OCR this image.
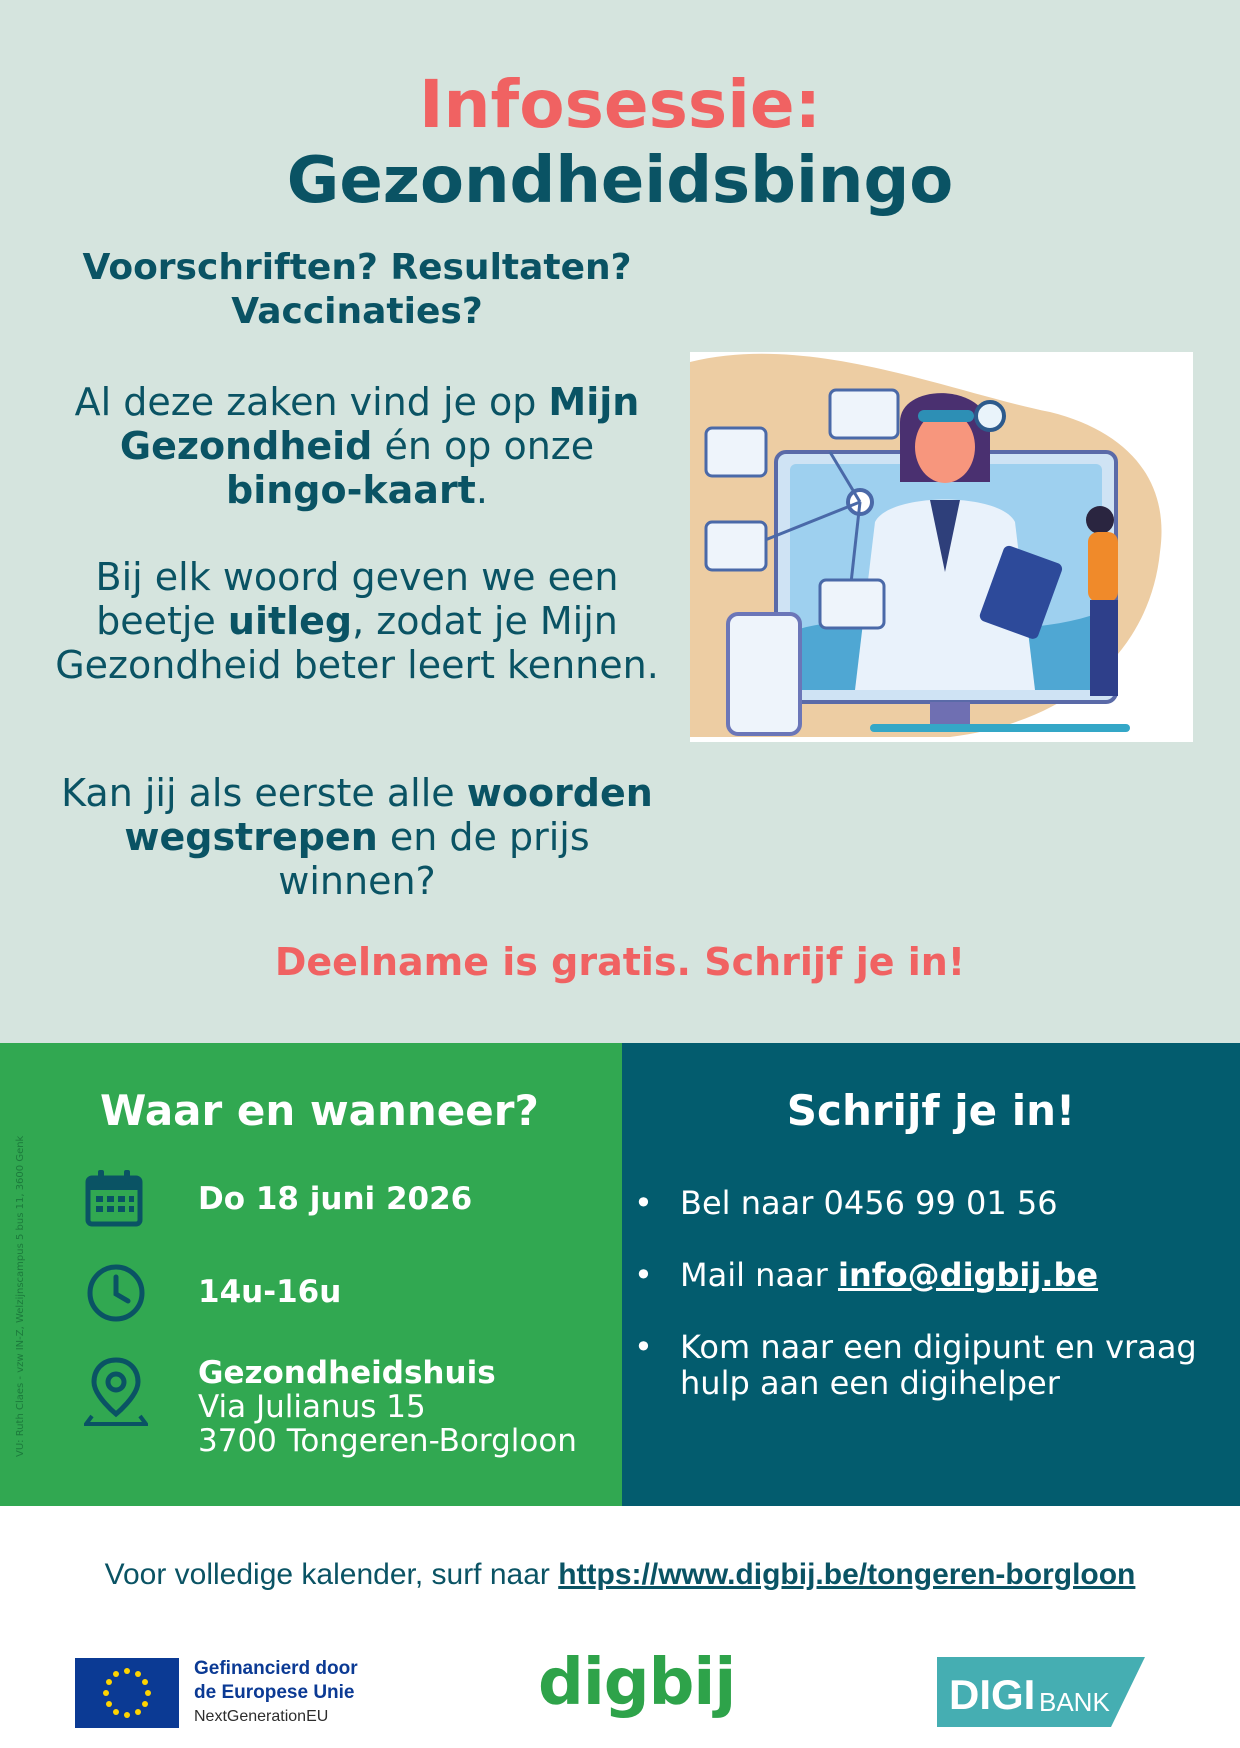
Infosessie:
Gezondheidsbingo
Voorschriften? Resultaten?
Vaccinaties?
Al deze zaken vind je op Mijn Gezondheid én op onze bingo-kaart.
Bij elk woord geven we een beetje uitleg, zodat je Mijn Gezondheid beter leert kennen.
Kan jij als eerste alle woorden wegstrepen en de prijs winnen?
Deelname is gratis. Schrijf je in!
VU: Ruth Claes - vzw IN-Z, Welzijnscampus 5 bus 11, 3600 Genk
Waar en wanneer?	Schrijf je in!
Do 18 juni 2026
14u-16u
Gezondheidshuis
Via Julianus 15
3700 Tongeren-Borgloon
• Bel naar 0456 99 01 56
• Mail naar info@digbij.be
• Kom naar een digipunt en vraag hulp aan een digihelper
Voor volledige kalender, surf naar https://www.digbij.be/tongeren-borgloon
Gefinancierd door
de Europese Unie
NextGenerationEU	digbij	DIGI BANKEN
